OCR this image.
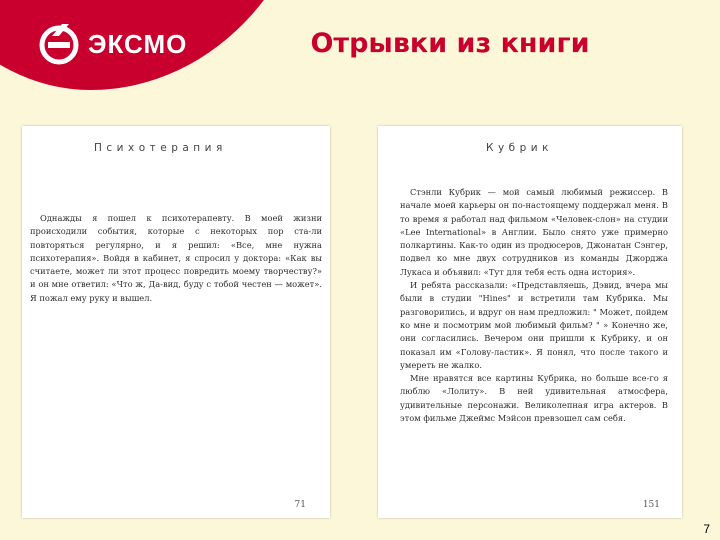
ЭКСМО	Отрывки из книги
Психотерапия

Однажды я пошел к психотерапевту. В моей жизни происходили события, которые с некоторых пор ста-ли повторяться регулярно, и я решил: «Все, мне нужна психотерапия». Войдя в кабинет, я спросил у доктора: «Как вы считаете, может ли этот процесс повредить моему творчеству?» и он мне ответил: «Что ж, Да-вид, буду с тобой честен — может». Я пожал ему руку и вышел.

71
Кубрик

Стэнли Кубрик — мой самый любимый режиссер. В начале моей карьеры он по-настоящему поддержал меня. В то время я работал над фильмом «Человек-слон» на студии «Lee International» в Англии. Было снято уже примерно полкартины. Как-то один из продюсеров, Джонатан Сэнгер, подвел ко мне двух сотрудников из команды Джорджа Лукаса и объявил: «Тут для тебя есть одна история».

И ребята рассказали: «Представляешь, Дэвид, вчера мы были в студии "Hines" и встретили там Кубрика. Мы разговорились, и вдруг он нам предложил: " Может, пойдем ко мне и посмотрим мой любимый фильм? " » Конечно же, они согласились. Вечером они пришли к Кубрику, и он показал им «Голову-ластик». Я понял, что после такого и умереть не жалко.

Мне нравятся все картины Кубрика, но больше все-го я люблю «Лолиту». В ней удивительная атмосфера, удивительные персонажи. Великолепная игра актеров. В этом фильме Джеймс Мэйсон превзошел сам себя.

151
7
